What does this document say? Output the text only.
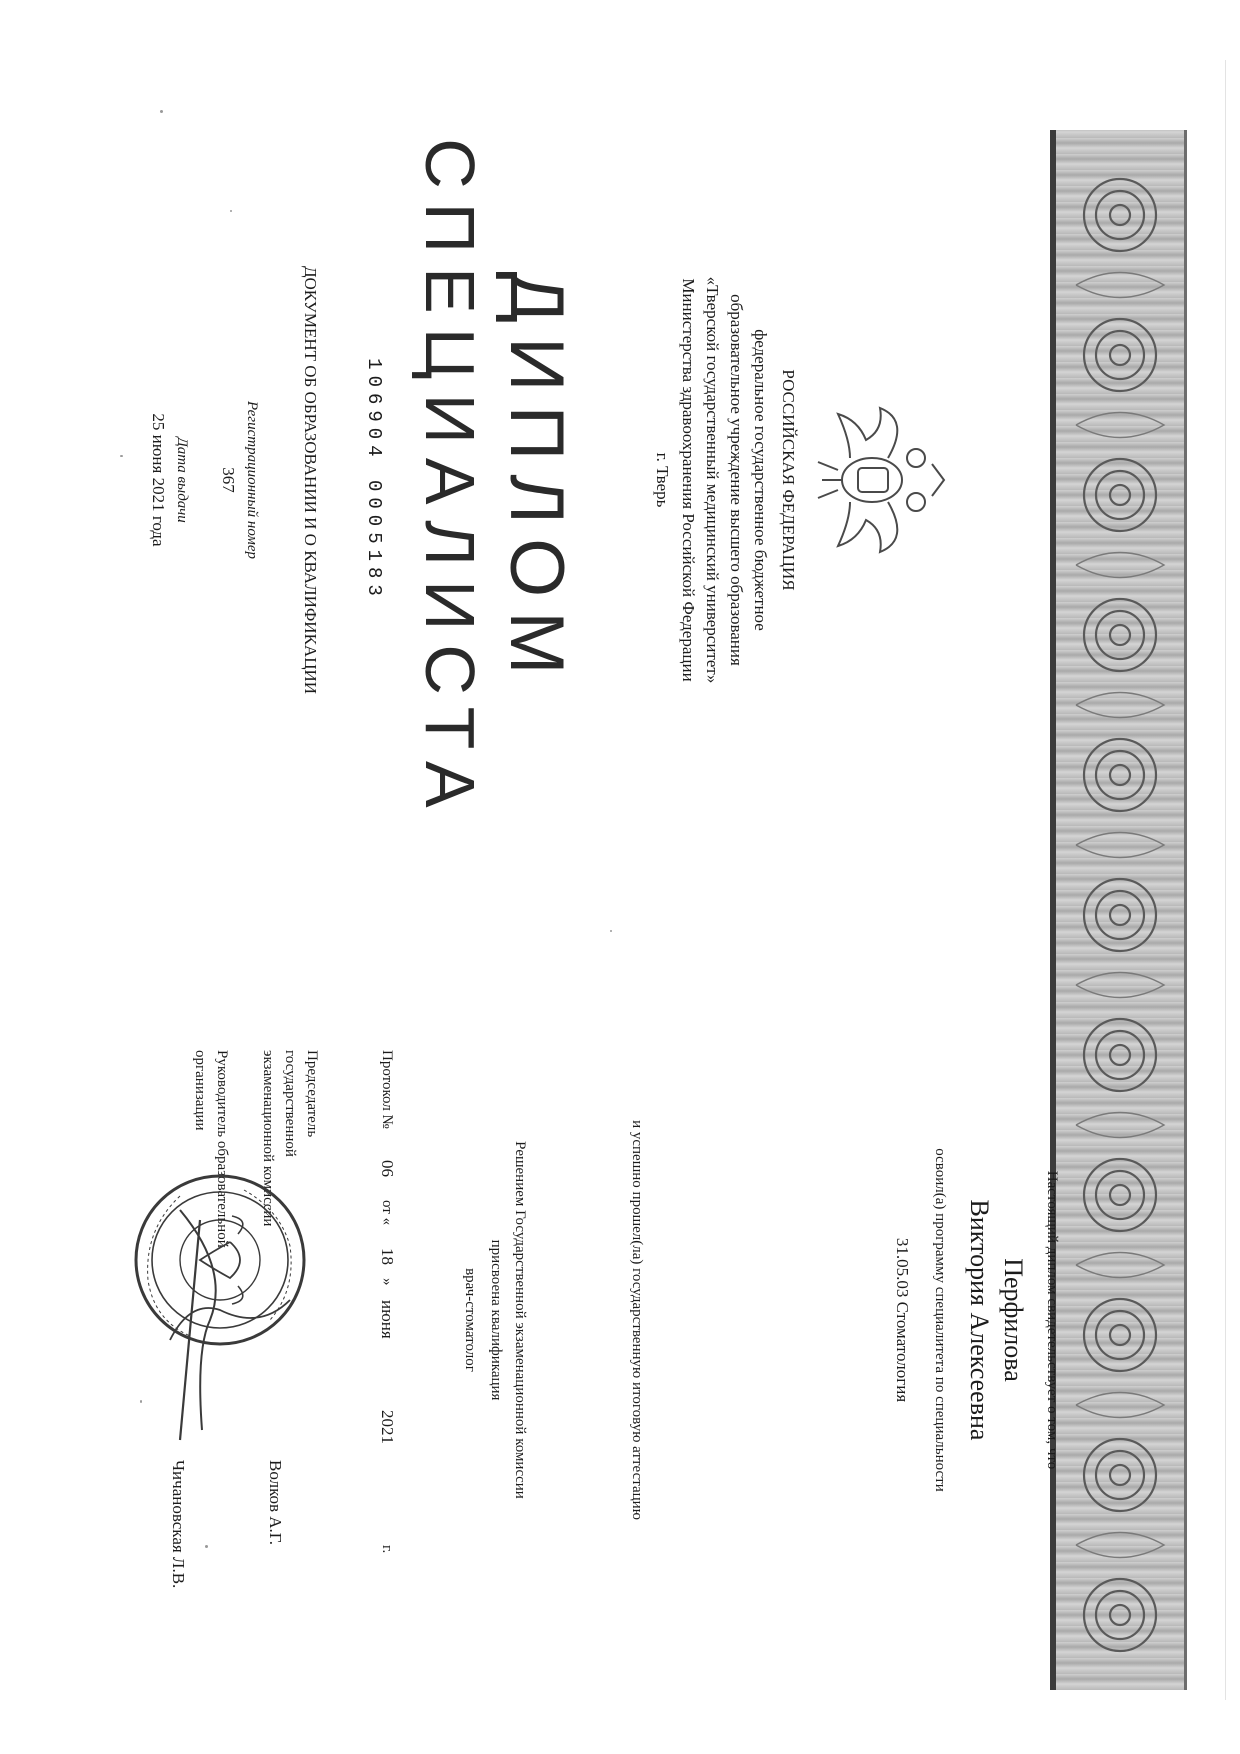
РОССИЙСКАЯ ФЕДЕРАЦИЯ
федеральное государственное бюджетное
образовательное учреждение высшего образования
«Тверской государственный медицинский университет»
Министерства здравоохранения Российской Федерации
г. Тверь
ДИПЛОМ
СПЕЦИАЛИСТА
106904 0005183
ДОКУМЕНТ ОБ ОБРАЗОВАНИИ И О КВАЛИФИКАЦИИ
Регистрационный номер
367
Дата выдачи
25 июня 2021 года
Настоящий диплом свидетельствует о том, что
Перфилова
Виктория Алексеевна
освоил(а) программу специалитета по специальности
31.05.03 Стоматология
и успешно прошел(ла) государственную итоговую аттестацию
Решением Государственной экзаменационной комиссии
присвоена квалификация
врач-стоматолог
Протокол №
06
от «
18
»
июня
2021
г.
Председатель
государственной
экзаменационной комиссии
Волков А.Г.
Руководитель образовательной
организации
Чичановская Л.В.
